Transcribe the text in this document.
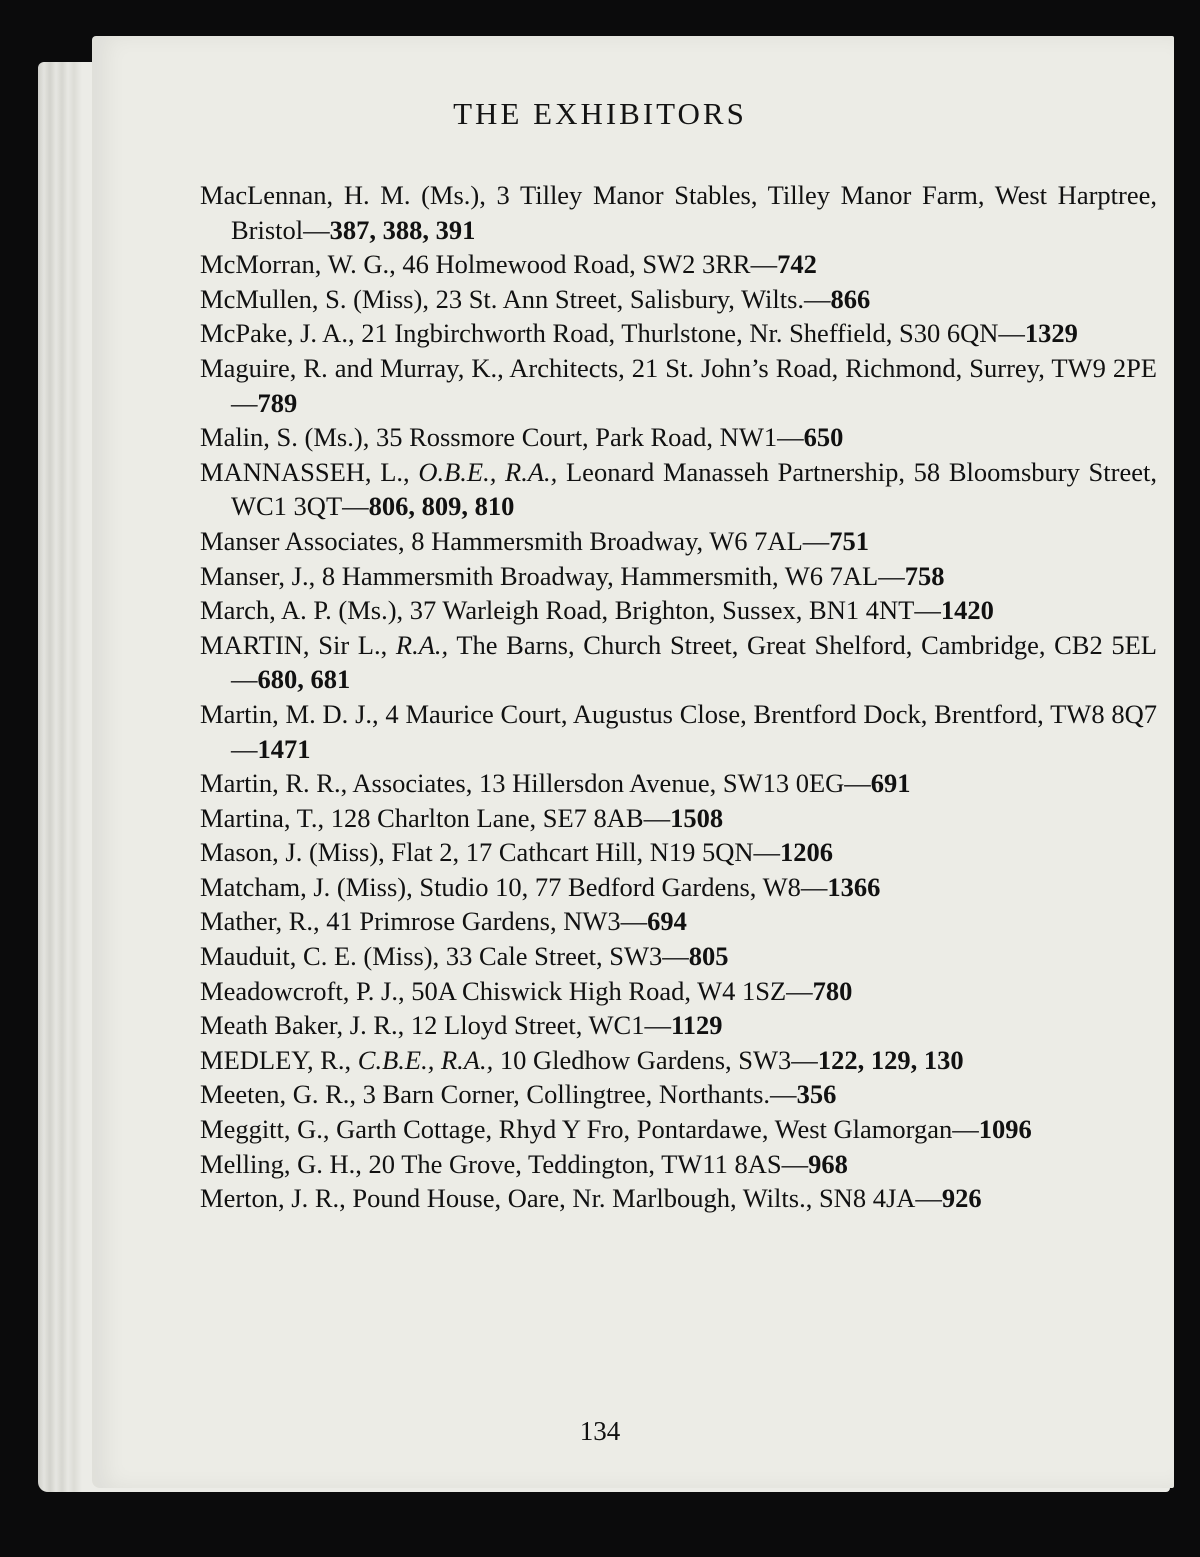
THE EXHIBITORS

MacLennan, H. M. (Ms.), 3 Tilley Manor Stables, Tilley Manor Farm, West Harptree, Bristol—387, 388, 391

McMorran, W. G., 46 Holmewood Road, SW2 3RR—742

McMullen, S. (Miss), 23 St. Ann Street, Salisbury, Wilts.—866

McPake, J. A., 21 Ingbirchworth Road, Thurlstone, Nr. Sheffield, S30 6QN—1329

Maguire, R. and Murray, K., Architects, 21 St. John’s Road, Richmond, Surrey, TW9 2PE—789

Malin, S. (Ms.), 35 Rossmore Court, Park Road, NW1—650

MANNASSEH, L., O.B.E., R.A., Leonard Manasseh Partnership, 58 Bloomsbury Street, WC1 3QT—806, 809, 810

Manser Associates, 8 Hammersmith Broadway, W6 7AL—751

Manser, J., 8 Hammersmith Broadway, Hammersmith, W6 7AL—758

March, A. P. (Ms.), 37 Warleigh Road, Brighton, Sussex, BN1 4NT—1420

MARTIN, Sir L., R.A., The Barns, Church Street, Great Shelford, Cambridge, CB2 5EL—680, 681

Martin, M. D. J., 4 Maurice Court, Augustus Close, Brentford Dock, Brentford, TW8 8Q7—1471

Martin, R. R., Associates, 13 Hillersdon Avenue, SW13 0EG—691

Martina, T., 128 Charlton Lane, SE7 8AB—1508

Mason, J. (Miss), Flat 2, 17 Cathcart Hill, N19 5QN—1206

Matcham, J. (Miss), Studio 10, 77 Bedford Gardens, W8—1366

Mather, R., 41 Primrose Gardens, NW3—694

Mauduit, C. E. (Miss), 33 Cale Street, SW3—805

Meadowcroft, P. J., 50A Chiswick High Road, W4 1SZ—780

Meath Baker, J. R., 12 Lloyd Street, WC1—1129

MEDLEY, R., C.B.E., R.A., 10 Gledhow Gardens, SW3—122, 129, 130

Meeten, G. R., 3 Barn Corner, Collingtree, Northants.—356

Meggitt, G., Garth Cottage, Rhyd Y Fro, Pontardawe, West Glamorgan—1096

Melling, G. H., 20 The Grove, Teddington, TW11 8AS—968

Merton, J. R., Pound House, Oare, Nr. Marlbough, Wilts., SN8 4JA—926

134
